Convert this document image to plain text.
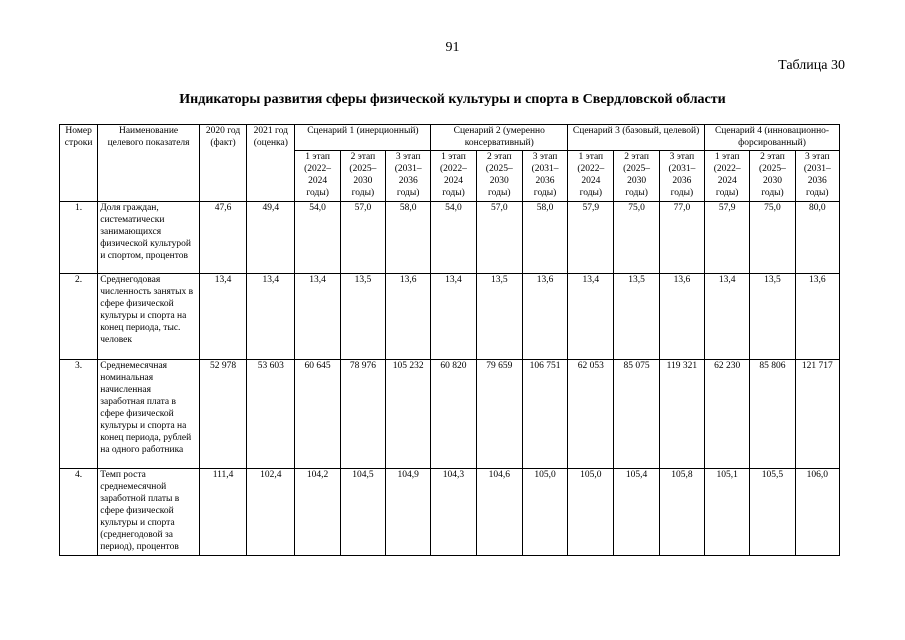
91
Таблица 30
Индикаторы развития сферы физической культуры и спорта в Свердловской области
Номер строки	Наименование целевого показателя	2020 год (факт)	2021 год (оценка)	Сценарий 1 (инерционный)			Сценарий 2 (умеренно консервативный)			Сценарий 3 (базовый, целевой)			Сценарий 4 (инновационно-форсированный)		
				1 этап (2022–2024 годы)	2 этап (2025–2030 годы)	3 этап (2031–2036 годы)	1 этап (2022–2024 годы)	2 этап (2025–2030 годы)	3 этап (2031–2036 годы)	1 этап (2022–2024 годы)	2 этап (2025–2030 годы)	3 этап (2031–2036 годы)	1 этап (2022–2024 годы)	2 этап (2025–2030 годы)	3 этап (2031–2036 годы)
1.	Доля граждан, систематически занимающихся физической культурой и спортом, процентов	47,6	49,4	54,0	57,0	58,0	54,0	57,0	58,0	57,9	75,0	77,0	57,9	75,0	80,0
2.	Среднегодовая численность занятых в сфере физической культуры и спорта на конец периода, тыс. человек	13,4	13,4	13,4	13,5	13,6	13,4	13,5	13,6	13,4	13,5	13,6	13,4	13,5	13,6
3.	Среднемесячная номинальная начисленная заработная плата в сфере физической культуры и спорта на конец периода, рублей на одного работника	52 978	53 603	60 645	78 976	105 232	60 820	79 659	106 751	62 053	85 075	119 321	62 230	85 806	121 717
4.	Темп роста среднемесячной заработной платы в сфере физической культуры и спорта (среднегодовой за период), процентов	111,4	102,4	104,2	104,5	104,9	104,3	104,6	105,0	105,0	105,4	105,8	105,1	105,5	106,0
